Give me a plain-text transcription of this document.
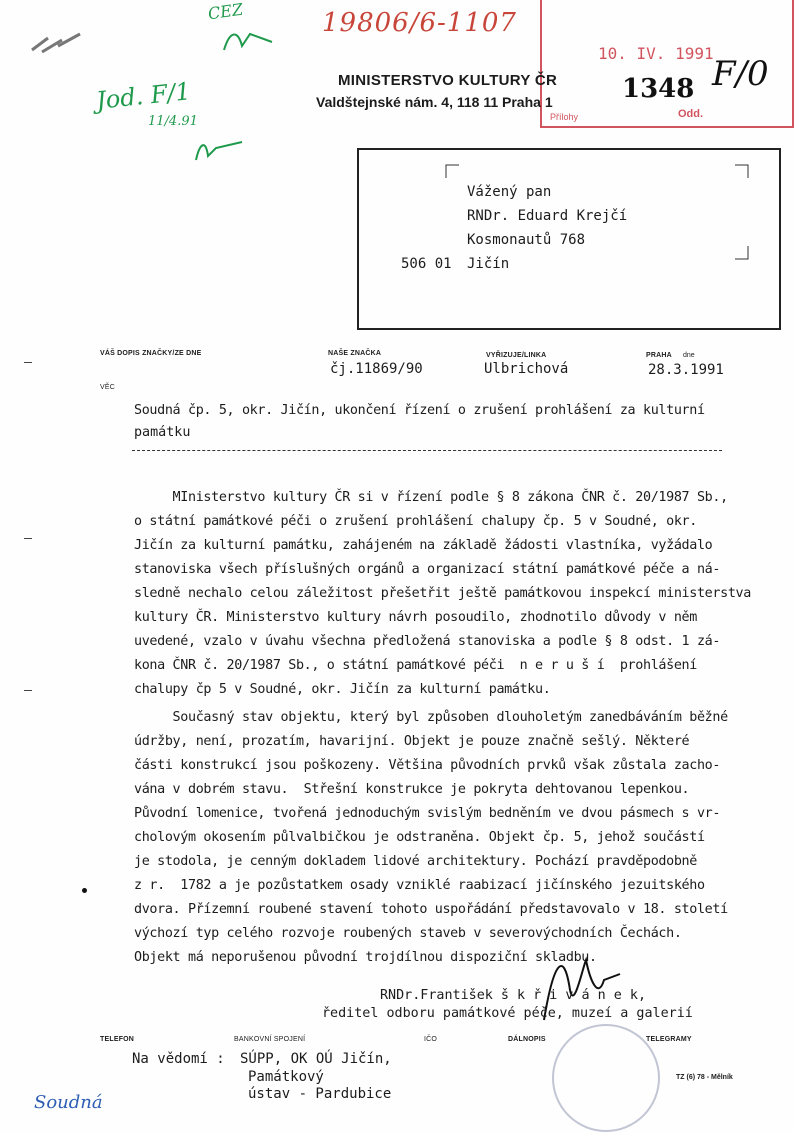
19806/6-1107
CEZ
Jod. F/1
11/4.91
10. IV. 1991
1348 F/0
Přílohy	Odd.
MINISTERSTVO KULTURY ČR
Valdštejnské nám. 4, 118 11 Praha 1
Vážený pan
RNDr. Eduard Krejčí
Kosmonautů 768
506 01 Jičín
VÁŠ DOPIS ZNAČKY/ZE DNE	NAŠE ZNAČKA
čj.11869/90
VYŘIZUJE/LINKA
Ulbrichová
PRAHA dne
28.3.1991
VĚC
Soudná čp. 5, okr. Jičín, ukončení řízení o zrušení prohlášení za kulturní
památku
MInisterstvo kultury ČR si v řízení podle § 8 zákona ČNR č. 20/1987 Sb.,
o státní památkové péči o zrušení prohlášení chalupy čp. 5 v Soudné, okr.
Jičín za kulturní památku, zahájeném na základě žádosti vlastníka, vyžádalo
stanoviska všech příslušných orgánů a organizací státní památkové péče a ná-
sledně nechalo celou záležitost přešetřit ještě památkovou inspekcí ministerstva
kultury ČR. Ministerstvo kultury návrh posoudilo, zhodnotilo důvody v něm
uvedené, vzalo v úvahu všechna předložená stanoviska a podle § 8 odst. 1 zá-
kona ČNR č. 20/1987 Sb., o státní památkové péči  n e r u š í  prohlášení
chalupy čp 5 v Soudné, okr. Jičín za kulturní památku.
Současný stav objektu, který byl způsoben dlouholetým zanedbáváním běžné
údržby, není, prozatím, havarijní. Objekt je pouze značně sešlý. Některé
části konstrukcí jsou poškozeny. Většina původních prvků však zůstala zacho-
vána v dobrém stavu.  Střešní konstrukce je pokryta dehtovanou lepenkou.
Původní lomenice, tvořená jednoduchým svislým bedněním ve dvou pásmech s vr-
cholovým okosením půlvalbičkou je odstraněna. Objekt čp. 5, jehož součástí
je stodola, je cenným dokladem lidové architektury. Pochází pravděpodobně
z r.  1782 a je pozůstatkem osady vzniklé raabizací jičínského jezuitského
dvora. Přízemní roubené stavení tohoto uspořádání představovalo v 18. století
výchozí typ celého rozvoje roubených staveb v severovýchodních Čechách.
Objekt má neporušenou původní trojdílnou dispoziční skladbu.
RNDr.František š k ř i v á n e k,
ředitel odboru památkové péče, muzeí a galerií
TELEFON	BANKOVNÍ SPOJENÍ	IČO	DÁLNOPIS	TELEGRAMY
TZ (6) 78 - Mělník
Na vědomí : SÚPP, OK OÚ Jičín,
Památkový
ústav - Pardubice
Soudná
